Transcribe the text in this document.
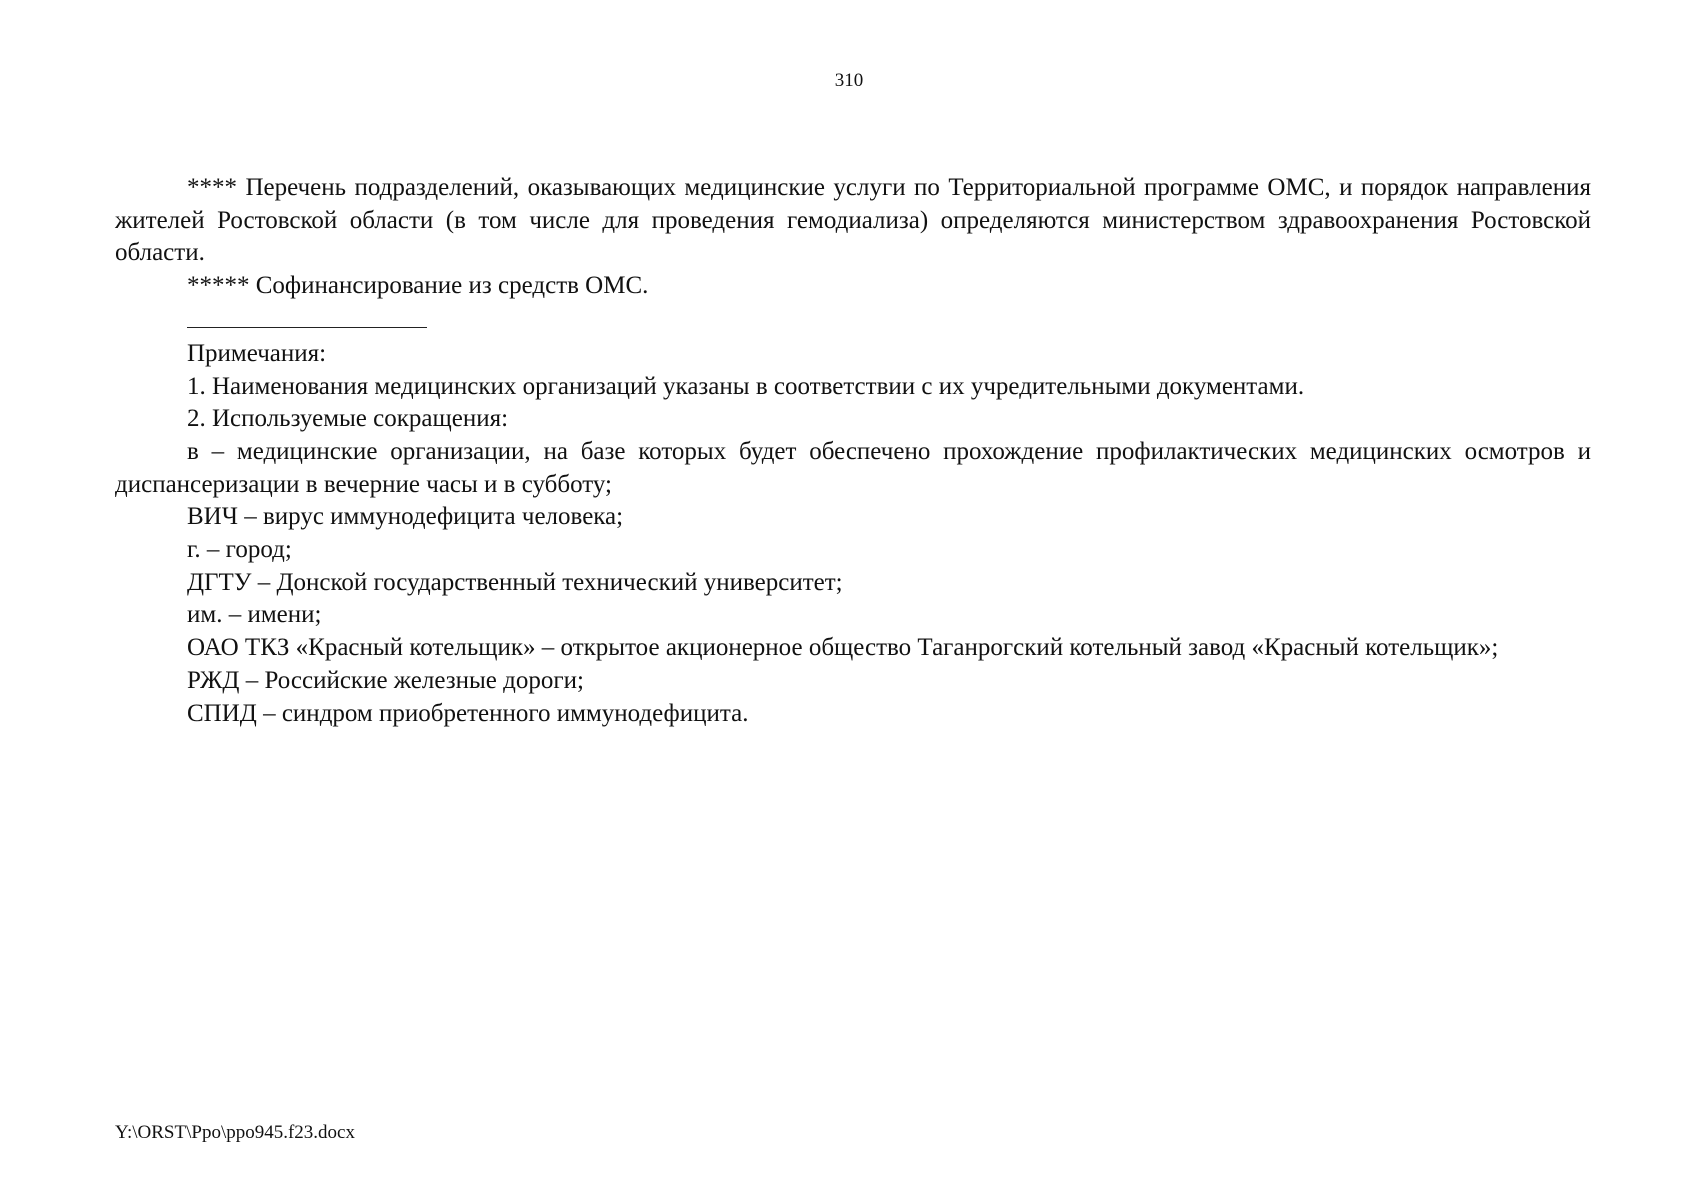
310

**** Перечень подразделений, оказывающих медицинские услуги по Территориальной программе ОМС, и порядок направления жителей Ростовской области (в том числе для проведения гемодиализа) определяются министерством здравоохранения Ростовской области.

***** Софинансирование из средств ОМС.

Примечания:

1. Наименования медицинских организаций указаны в соответствии с их учредительными документами.

2. Используемые сокращения:

в – медицинские организации, на базе которых будет обеспечено прохождение профилактических медицинских осмотров и диспансеризации в вечерние часы и в субботу;

ВИЧ – вирус иммунодефицита человека;

г. – город;

ДГТУ – Донской государственный технический университет;

им. – имени;

ОАО ТКЗ «Красный котельщик» – открытое акционерное общество Таганрогский котельный завод «Красный котельщик»;

РЖД – Российские железные дороги;

СПИД – синдром приобретенного иммунодефицита.

Y:\ORST\Ppo\ppo945.f23.docx
